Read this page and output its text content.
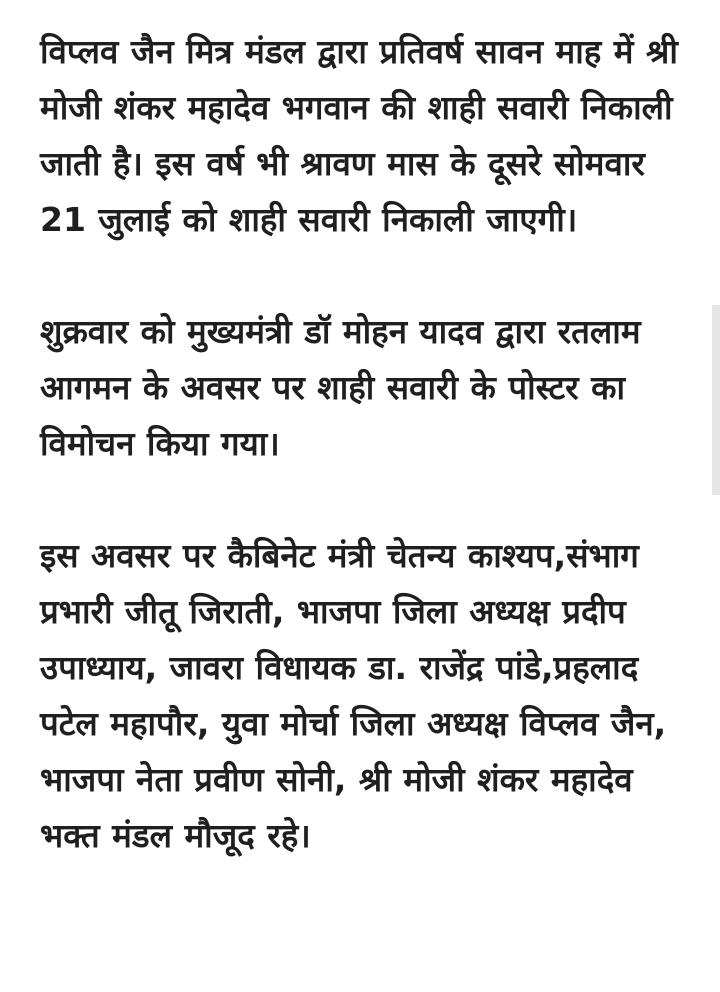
विप्लव जैन मित्र मंडल द्वारा प्रतिवर्ष सावन माह में श्री मोजी शंकर महादेव भगवान की शाही सवारी निकाली जाती है। इस वर्ष भी श्रावण मास के दूसरे सोमवार 21 जुलाई को शाही सवारी निकाली जाएगी।

शुक्रवार को मुख्यमंत्री डॉ मोहन यादव द्वारा रतलाम आगमन के अवसर पर शाही सवारी के पोस्टर का विमोचन किया गया।

इस अवसर पर कैबिनेट मंत्री चेतन्य काश्यप,संभाग प्रभारी जीतू जिराती, भाजपा जिला अध्यक्ष प्रदीप उपाध्याय, जावरा विधायक डा. राजेंद्र पांडे,प्रहलाद पटेल महापौर, युवा मोर्चा जिला अध्यक्ष विप्लव जैन, भाजपा नेता प्रवीण सोनी, श्री मोजी शंकर महादेव भक्त मंडल मौजूद रहे।
